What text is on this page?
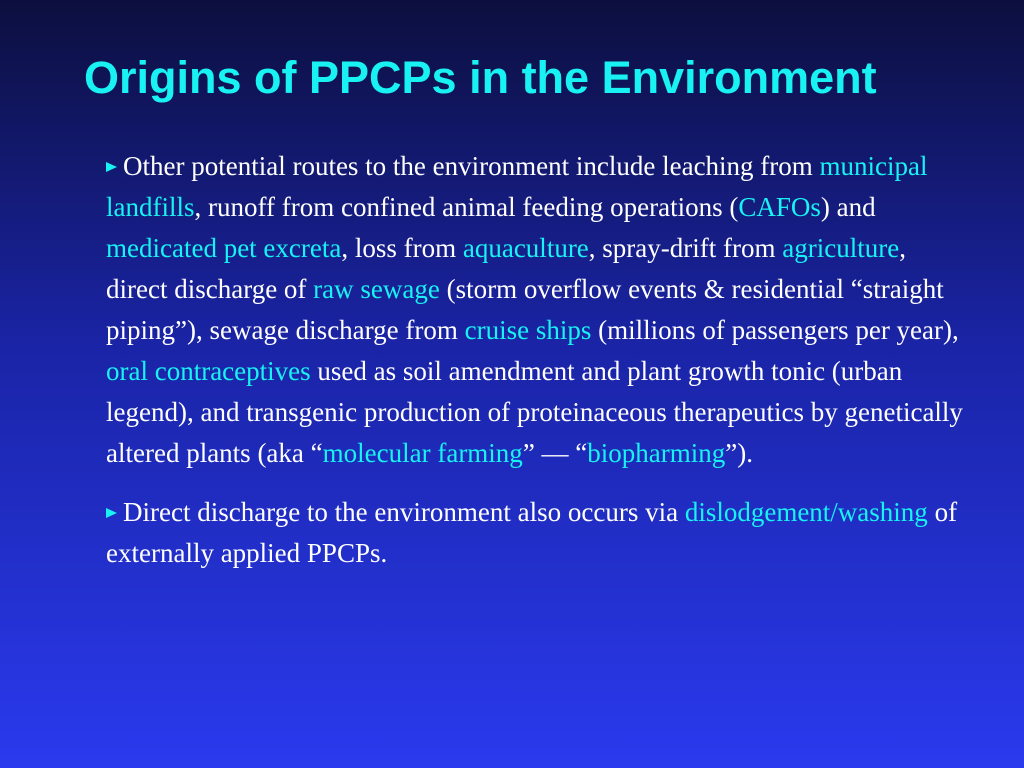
Origins of PPCPs in the Environment

Other potential routes to the environment include leaching from municipal landfills, runoff from confined animal feeding operations (CAFOs) and medicated pet excreta, loss from aquaculture, spray-drift from agriculture, direct discharge of raw sewage (storm overflow events & residential “straight piping”), sewage discharge from cruise ships (millions of passengers per year), oral contraceptives used as soil amendment and plant growth tonic (urban legend), and transgenic production of proteinaceous therapeutics by genetically altered plants (aka “molecular farming” — “biopharming”).

Direct discharge to the environment also occurs via dislodgement/washing of externally applied PPCPs.
